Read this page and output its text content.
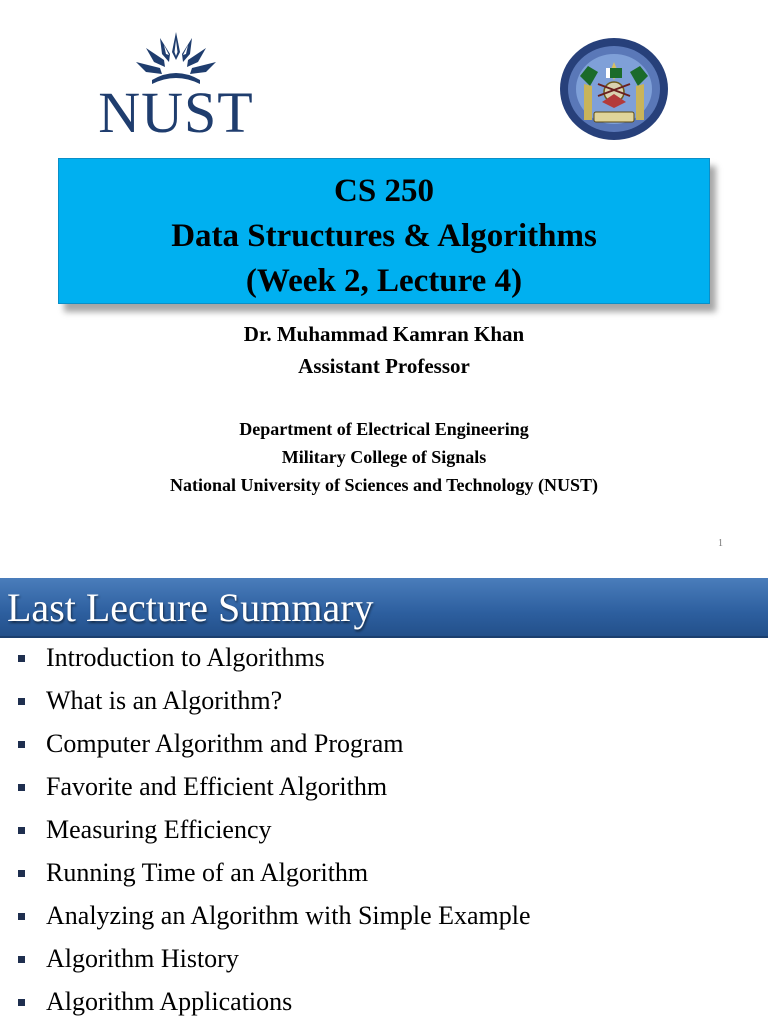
NUST
CS 250
Data Structures & Algorithms
(Week 2, Lecture 4)
Dr. Muhammad Kamran Khan
Assistant Professor
Department of Electrical Engineering
Military College of Signals
National University of Sciences and Technology (NUST)
1
Last Lecture Summary
Introduction to Algorithms
What is an Algorithm?
Computer Algorithm and Program
Favorite and Efficient Algorithm
Measuring Efficiency
Running Time of an Algorithm
Analyzing an Algorithm with Simple Example
Algorithm History
Algorithm Applications
